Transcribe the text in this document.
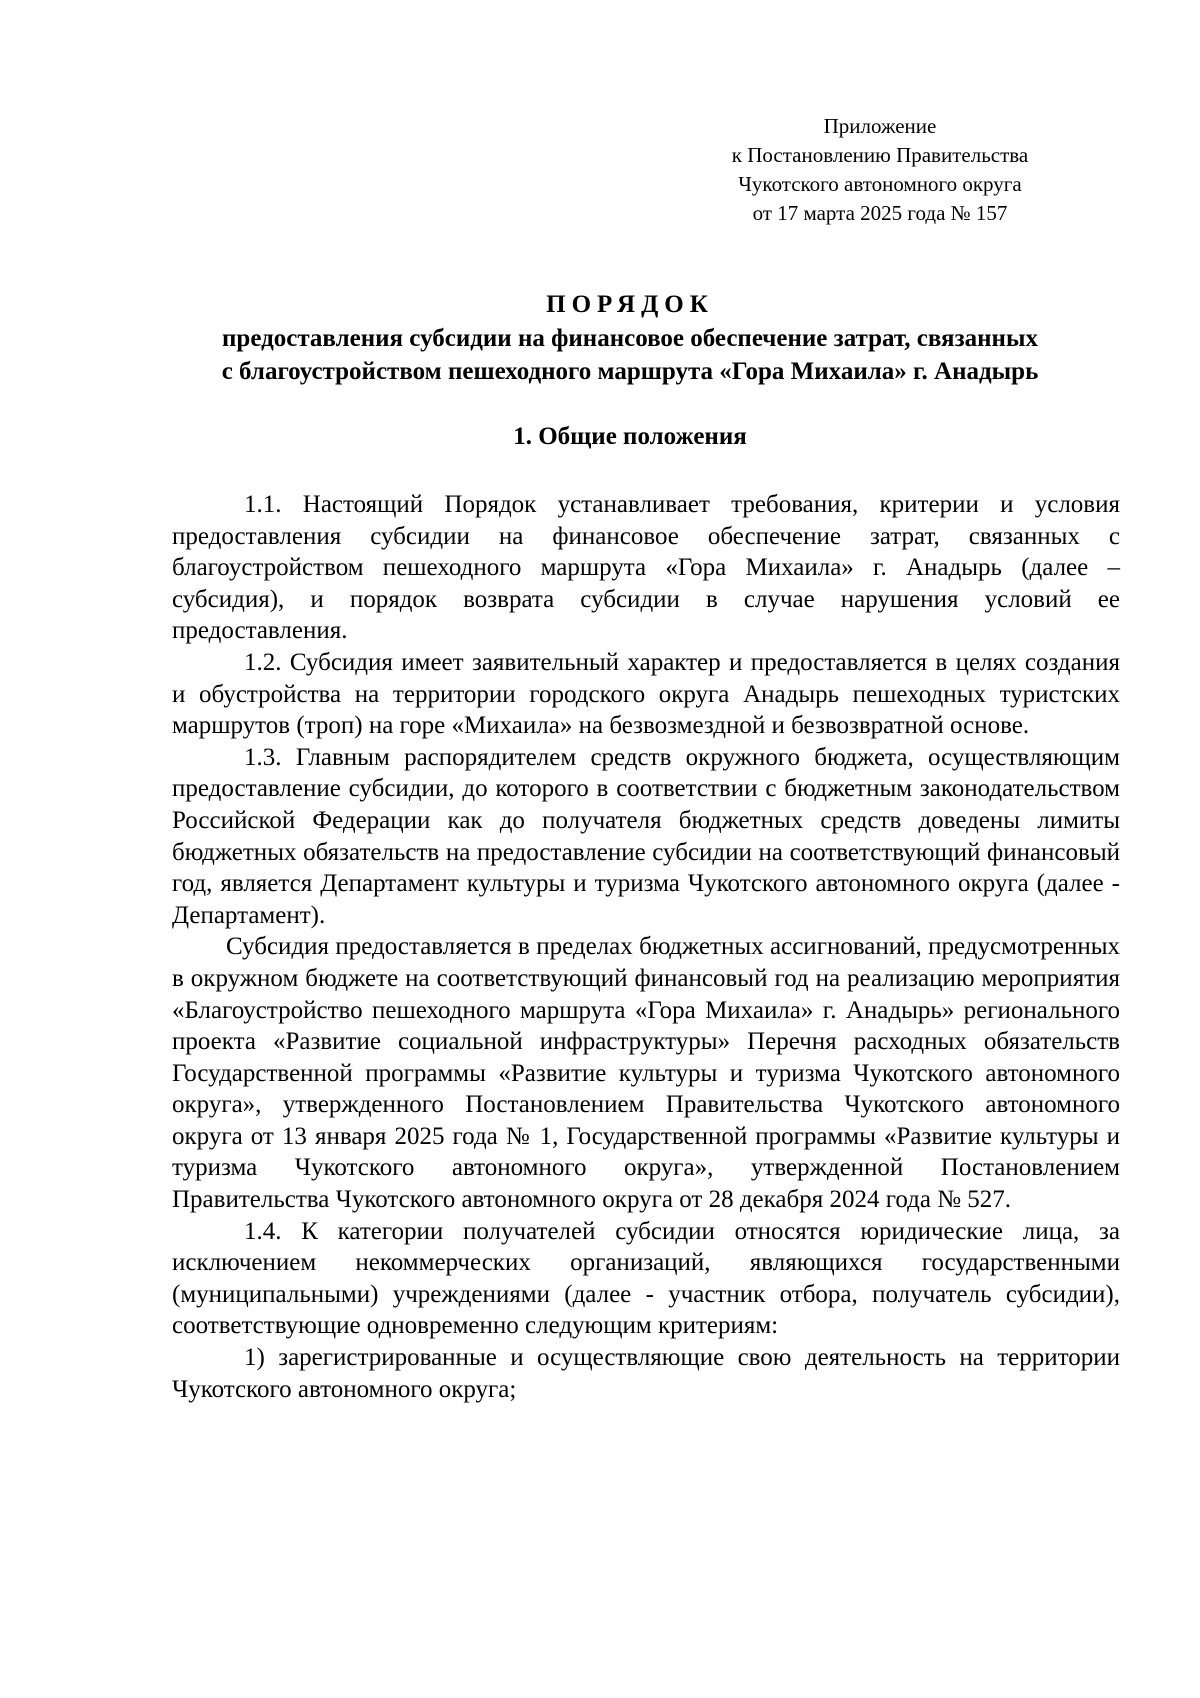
Приложение
к Постановлению Правительства
Чукотского автономного округа
от 17 марта 2025 года № 157
ПОРЯДОК
предоставления субсидии на финансовое обеспечение затрат, связанных
с благоустройством пешеходного маршрута «Гора Михаила» г. Анадырь
1. Общие положения

1.1. Настоящий Порядок устанавливает требования, критерии и условия предоставления субсидии на финансовое обеспечение затрат, связанных с благоустройством пешеходного маршрута «Гора Михаила» г. Анадырь (далее – субсидия), и порядок возврата субсидии в случае нарушения условий ее предоставления.

1.2. Субсидия имеет заявительный характер и предоставляется в целях создания и обустройства на территории городского округа Анадырь пешеходных туристских маршрутов (троп) на горе «Михаила» на безвозмездной и безвозвратной основе.

1.3. Главным распорядителем средств окружного бюджета, осуществляющим предоставление субсидии, до которого в соответствии с бюджетным законодательством Российской Федерации как до получателя бюджетных средств доведены лимиты бюджетных обязательств на предоставление субсидии на соответствующий финансовый год, является Департамент культуры и туризма Чукотского автономного округа (далее - Департамент).

Субсидия предоставляется в пределах бюджетных ассигнований, предусмотренных в окружном бюджете на соответствующий финансовый год на реализацию мероприятия «Благоустройство пешеходного маршрута «Гора Михаила» г. Анадырь» регионального проекта «Развитие социальной инфраструктуры» Перечня расходных обязательств Государственной программы «Развитие культуры и туризма Чукотского автономного округа», утвержденного Постановлением Правительства Чукотского автономного округа от 13 января 2025 года № 1, Государственной программы «Развитие культуры и туризма Чукотского автономного округа», утвержденной Постановлением Правительства Чукотского автономного округа от 28 декабря 2024 года № 527.

1.4. К категории получателей субсидии относятся юридические лица, за исключением некоммерческих организаций, являющихся государственными (муниципальными) учреждениями (далее - участник отбора, получатель субсидии), соответствующие одновременно следующим критериям:

1) зарегистрированные и осуществляющие свою деятельность на территории Чукотского автономного округа;
